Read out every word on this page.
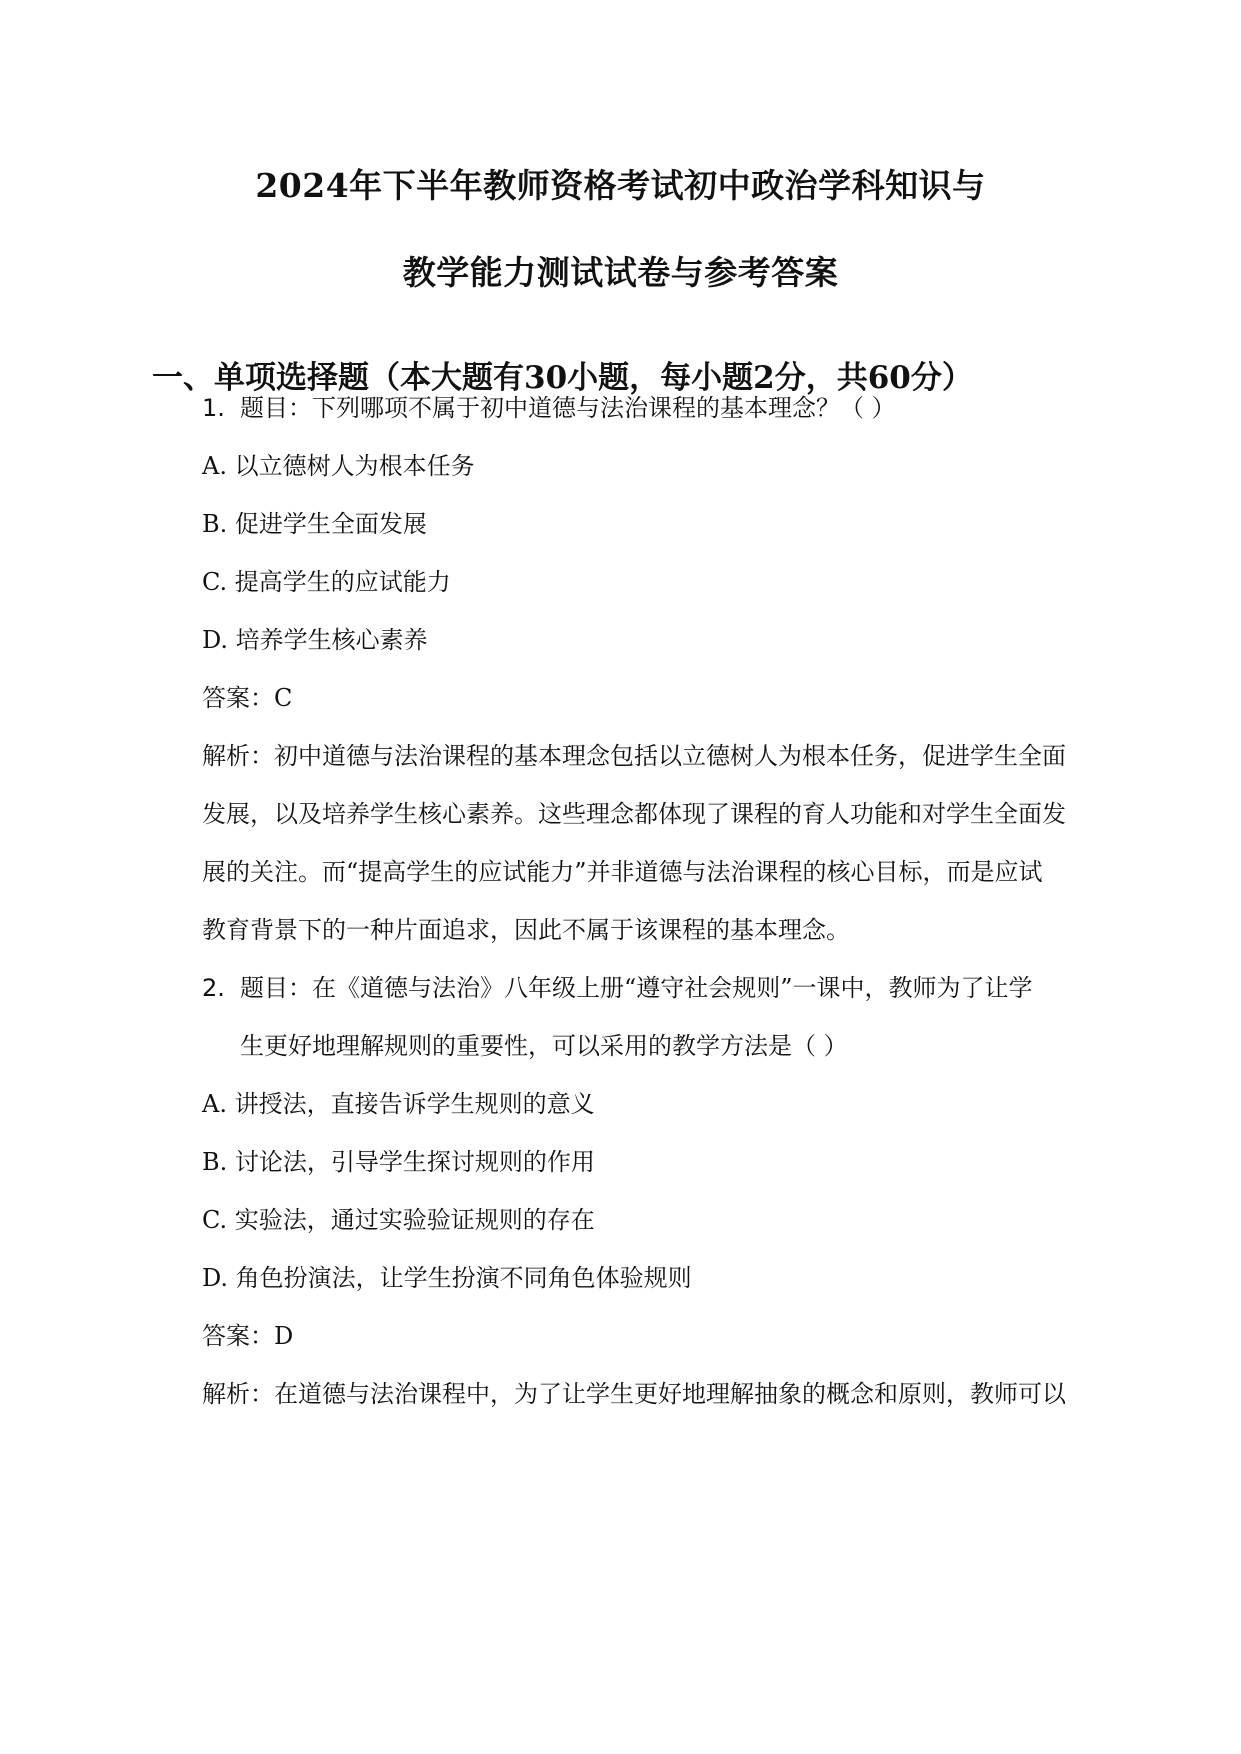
2024年下半年教师资格考试初中政治学科知识与
教学能力测试试卷与参考答案
一、单项选择题（本大题有30小题，每小题2分，共60分）
1. 题目：下列哪项不属于初中道德与法治课程的基本理念？（ ）
A. 以立德树人为根本任务
B. 促进学生全面发展
C. 提高学生的应试能力
D. 培养学生核心素养
答案：C
解析：初中道德与法治课程的基本理念包括以立德树人为根本任务，促进学生全面
发展，以及培养学生核心素养。这些理念都体现了课程的育人功能和对学生全面发
展的关注。而“提高学生的应试能力”并非道德与法治课程的核心目标，而是应试
教育背景下的一种片面追求，因此不属于该课程的基本理念。
2. 题目：在《道德与法治》八年级上册“遵守社会规则”一课中，教师为了让学
生更好地理解规则的重要性，可以采用的教学方法是（ ）
A. 讲授法，直接告诉学生规则的意义
B. 讨论法，引导学生探讨规则的作用
C. 实验法，通过实验验证规则的存在
D. 角色扮演法，让学生扮演不同角色体验规则
答案：D
解析：在道德与法治课程中，为了让学生更好地理解抽象的概念和原则，教师可以
